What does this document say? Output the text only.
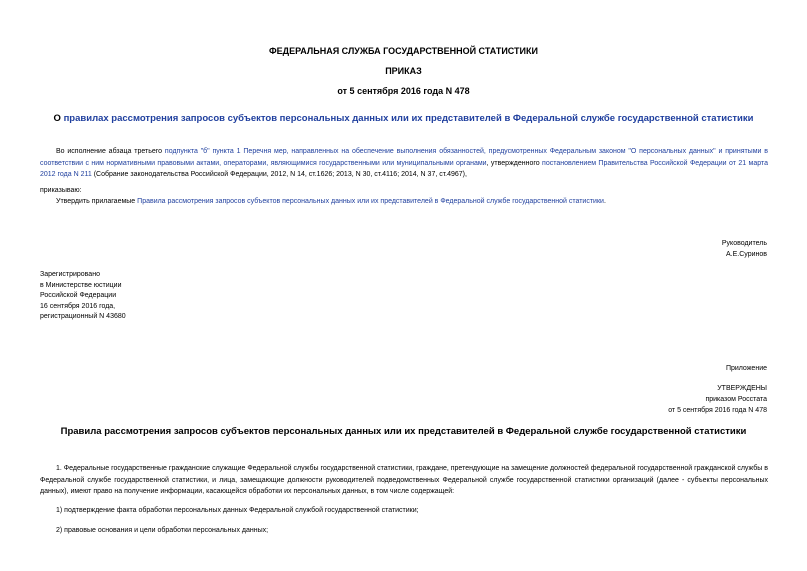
ФЕДЕРАЛЬНАЯ СЛУЖБА ГОСУДАРСТВЕННОЙ СТАТИСТИКИ
ПРИКАЗ
от 5 сентября 2016 года N 478
О правилах рассмотрения запросов субъектов персональных данных или их представителей в Федеральной службе государственной статистики
Во исполнение абзаца третьего подпункта "б" пункта 1 Перечня мер, направленных на обеспечение выполнения обязанностей, предусмотренных Федеральным законом "О персональных данных" и принятыми в соответствии с ним нормативными правовыми актами, операторами, являющимися государственными или муниципальными органами, утвержденного постановлением Правительства Российской Федерации от 21 марта 2012 года N 211 (Собрание законодательства Российской Федерации, 2012, N 14, ст.1626; 2013, N 30, ст.4116; 2014, N 37, ст.4967),
приказываю:
Утвердить прилагаемые Правила рассмотрения запросов субъектов персональных данных или их представителей в Федеральной службе государственной статистики.
Руководитель
А.Е.Суринов
Зарегистрировано
в Министерстве юстиции
Российской Федерации
16 сентября 2016 года,
регистрационный N 43680
Приложение
УТВЕРЖДЕНЫ
приказом Росстата
от 5 сентября 2016 года N 478
Правила рассмотрения запросов субъектов персональных данных или их представителей в Федеральной службе государственной статистики
1. Федеральные государственные гражданские служащие Федеральной службы государственной статистики, граждане, претендующие на замещение должностей федеральной государственной гражданской службы в Федеральной службе государственной статистики, и лица, замещающие должности руководителей подведомственных Федеральной службе государственной статистики организаций (далее - субъекты персональных данных), имеют право на получение информации, касающейся обработки их персональных данных, в том числе содержащей:
1) подтверждение факта обработки персональных данных Федеральной службой государственной статистики;
2) правовые основания и цели обработки персональных данных;
